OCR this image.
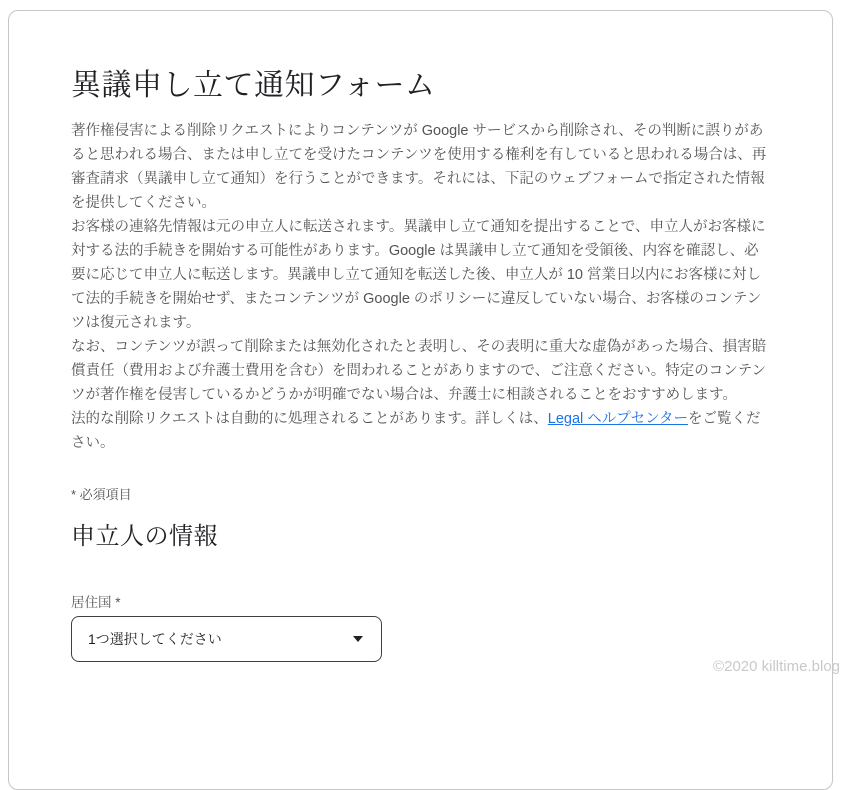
異議申し立て通知フォーム

著作権侵害による削除リクエストによりコンテンツが Google サービスから削除され、その判断に誤りがあると思われる場合、または申し立てを受けたコンテンツを使用する権利を有していると思われる場合は、再審査請求（異議申し立て通知）を行うことができます。それには、下記のウェブフォームで指定された情報を提供してください。

お客様の連絡先情報は元の申立人に転送されます。異議申し立て通知を提出することで、申立人がお客様に対する法的手続きを開始する可能性があります。Google は異議申し立て通知を受領後、内容を確認し、必要に応じて申立人に転送します。異議申し立て通知を転送した後、申立人が 10 営業日以内にお客様に対して法的手続きを開始せず、またコンテンツが Google のポリシーに違反していない場合、お客様のコンテンツは復元されます。

なお、コンテンツが誤って削除または無効化されたと表明し、その表明に重大な虚偽があった場合、損害賠償責任（費用および弁護士費用を含む）を問われることがありますので、ご注意ください。特定のコンテンツが著作権を侵害しているかどうかが明確でない場合は、弁護士に相談されることをおすすめします。

法的な削除リクエストは自動的に処理されることがあります。詳しくは、Legal ヘルプセンターをご覧ください。

* 必須項目
申立人の情報
居住国 *
1つ選択してください
©2020 killtime.blog
